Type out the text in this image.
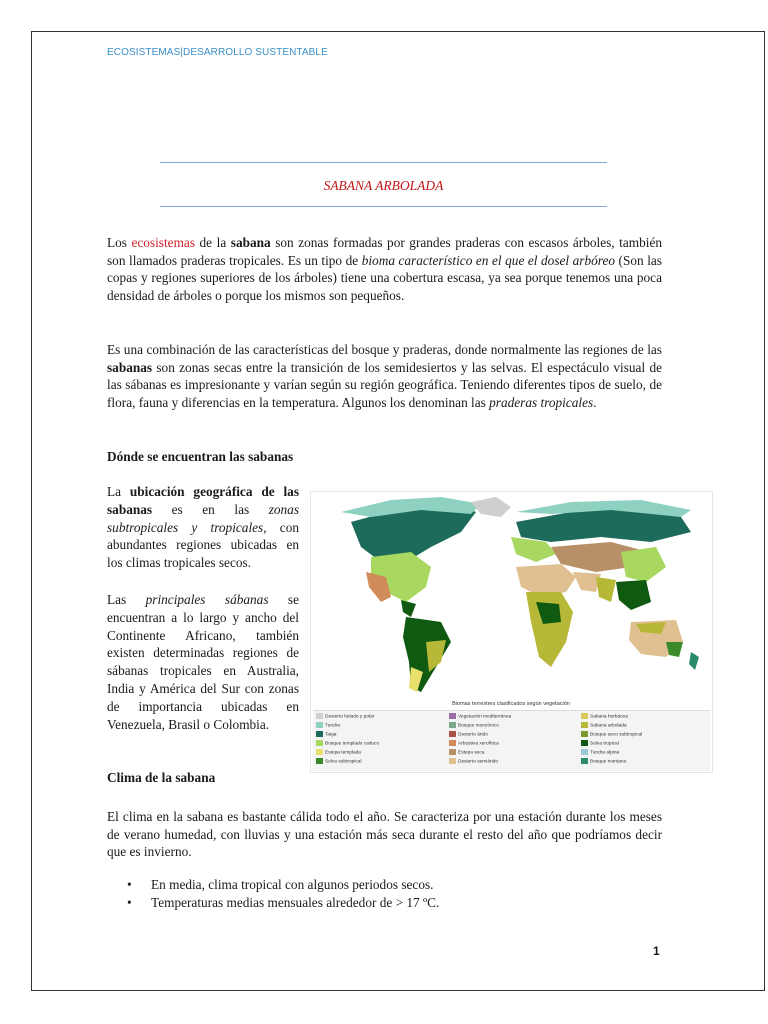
ECOSISTEMAS|DESARROLLO SUSTENTABLE
SABANA ARBOLADA
Los ecosistemas de la sabana son zonas formadas por grandes praderas con escasos árboles, también son llamados praderas tropicales. Es un tipo de bioma característico en el que el dosel arbóreo (Son las copas y regiones superiores de los árboles) tiene una cobertura escasa, ya sea porque tenemos una poca densidad de árboles o porque los mismos son pequeños.
Es una combinación de las características del bosque y praderas, donde normalmente las regiones de las sabanas son zonas secas entre la transición de los semidesiertos y las selvas. El espectáculo visual de las sábanas es impresionante y varían según su región geográfica. Teniendo diferentes tipos de suelo, de flora, fauna y diferencias en la temperatura. Algunos los denominan las praderas tropicales.
Dónde se encuentran las sabanas
La ubicación geográfica de las sabanas es en las zonas subtropicales y tropicales, con abundantes regiones ubicadas en los climas tropicales secos.
Las principales sábanas se encuentran a lo largo y ancho del Continente Africano, también existen determinadas regiones de sábanas tropicales en Australia, India y América del Sur con zonas de importancia ubicadas en Venezuela, Brasil o Colombia.
Biomas terrestres clasificados según vegetación
Desierto helado y polar
Tundra
Taiga
Bosque templado caduco
Estepa templada
Selva subtropical
Vegetación mediterránea
Bosque monzónico
Desierto árido
Arbustiva xerofítica
Estepa seca
Desierto semiárido
Sabana herbácea
Sabana arbolada
Bosque seco subtropical
Selva tropical
Tundra alpina
Bosque montano
Clima de la sabana
El clima en la sabana es bastante cálida todo el año. Se caracteriza por una estación durante los meses de verano humedad, con lluvias y una estación más seca durante el resto del año que podríamos decir que es invierno.
• En media, clima tropical con algunos periodos secos.
• Temperaturas medias mensuales alrededor de > 17 ºC.
1
